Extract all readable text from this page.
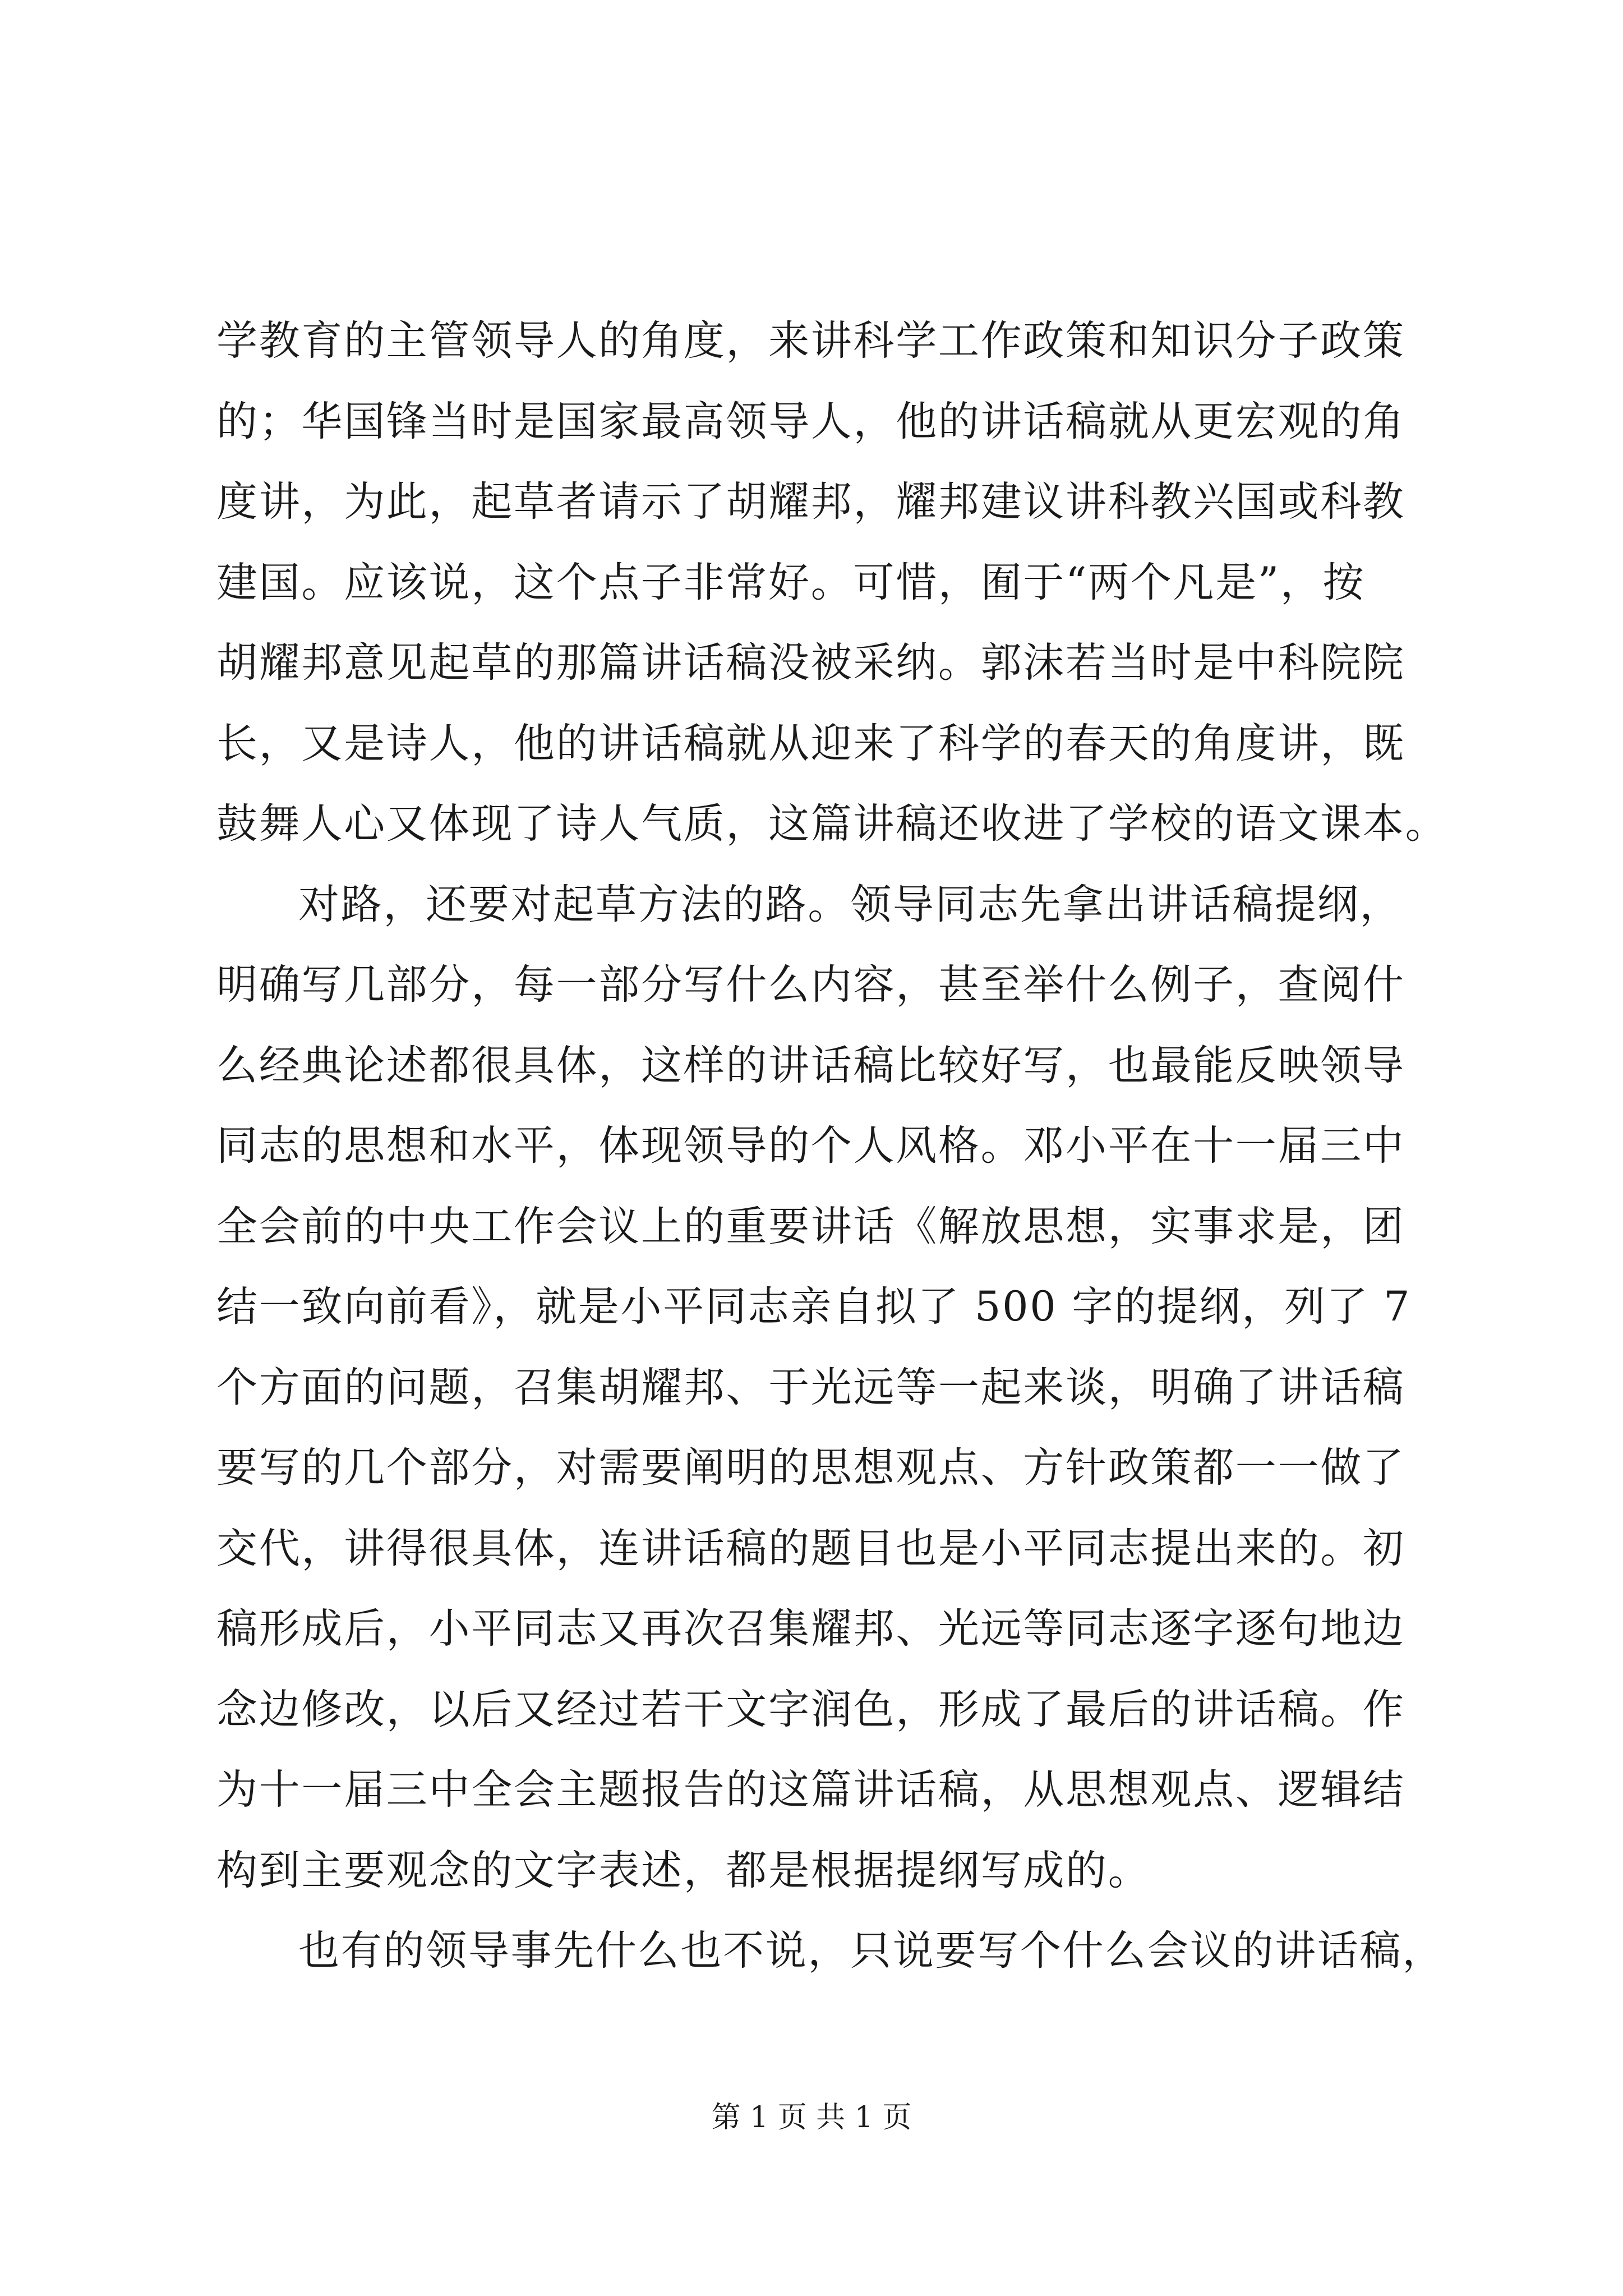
学教育的主管领导人的角度，来讲科学工作政策和知识分子政策
的；华国锋当时是国家最高领导人，他的讲话稿就从更宏观的角
度讲，为此，起草者请示了胡耀邦，耀邦建议讲科教兴国或科教
建国。应该说，这个点子非常好。可惜，囿于“两个凡是”，按
胡耀邦意见起草的那篇讲话稿没被采纳。郭沫若当时是中科院院
长，又是诗人，他的讲话稿就从迎来了科学的春天的角度讲，既
鼓舞人心又体现了诗人气质，这篇讲稿还收进了学校的语文课本。
对路，还要对起草方法的路。领导同志先拿出讲话稿提纲，
明确写几部分，每一部分写什么内容，甚至举什么例子，查阅什
么经典论述都很具体，这样的讲话稿比较好写，也最能反映领导
同志的思想和水平，体现领导的个人风格。邓小平在十一届三中
全会前的中央工作会议上的重要讲话《解放思想，实事求是，团
结一致向前看》，就是小平同志亲自拟了 500 字的提纲，列了 7
个方面的问题，召集胡耀邦、于光远等一起来谈，明确了讲话稿
要写的几个部分，对需要阐明的思想观点、方针政策都一一做了
交代，讲得很具体，连讲话稿的题目也是小平同志提出来的。初
稿形成后，小平同志又再次召集耀邦、光远等同志逐字逐句地边
念边修改，以后又经过若干文字润色，形成了最后的讲话稿。作
为十一届三中全会主题报告的这篇讲话稿，从思想观点、逻辑结
构到主要观念的文字表述，都是根据提纲写成的。
也有的领导事先什么也不说，只说要写个什么会议的讲话稿，
第 1 页 共 1 页
